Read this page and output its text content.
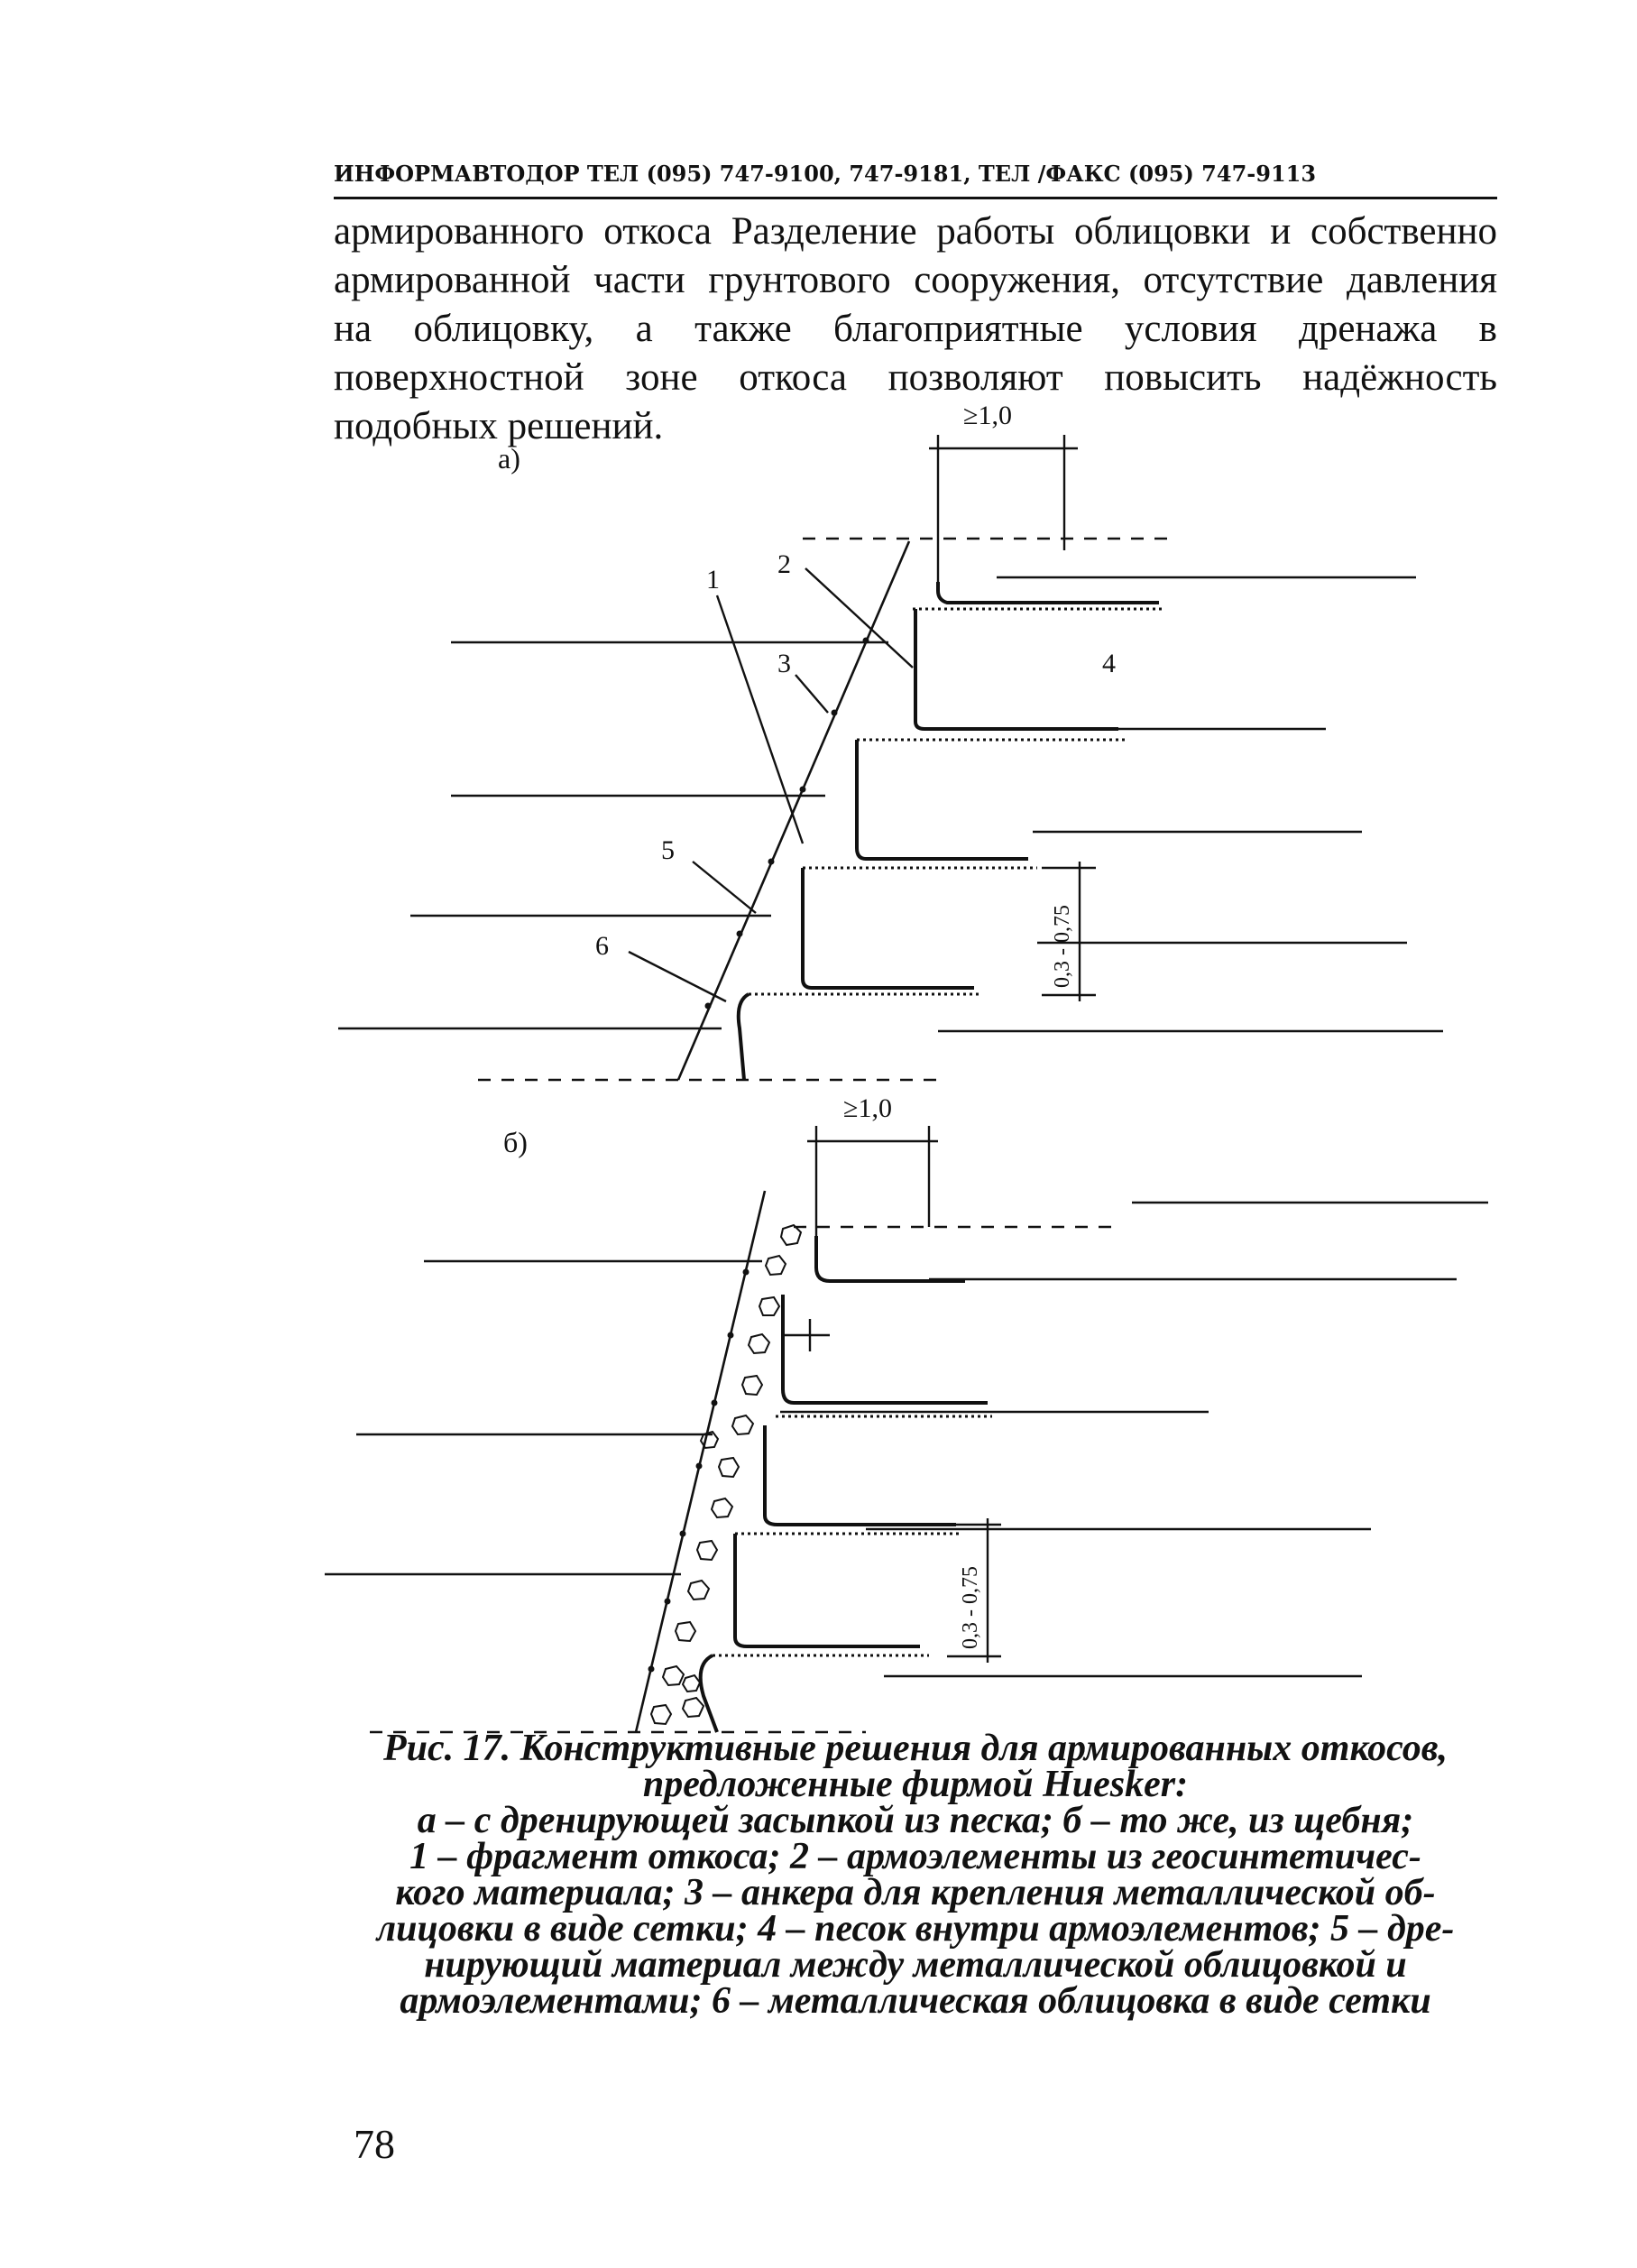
ИНФОРМАВТОДОР ТЕЛ (095) 747-9100, 747-9181, ТЕЛ /ФАКС (095) 747-9113
армированного откоса Разделение работы облицовки и собственно
армированной части грунтового сооружения, отсутствие давления
на облицовку, а также благоприятные условия дренажа в
поверхностной зоне откоса позволяют повысить надёжность
подобных решений.
а)
б)
≥1,0
0,3 - 0,75
1
2
3	4
5
6
≥1,0
0,3 - 0,75
Рис. 17. Конструктивные решения для армированных откосов,
предложенные фирмой Huesker:
а – с дренирующей засыпкой из песка; б – то же, из щебня;
1 – фрагмент откоса; 2 – армоэлементы из геосинтетичес-
кого материала; 3 – анкера для крепления металлической об-
лицовки в виде сетки; 4 – песок внутри армоэлементов; 5 – дре-
нирующий материал между металлической облицовкой и
армоэлементами; 6 – металлическая облицовка в виде сетки
78
